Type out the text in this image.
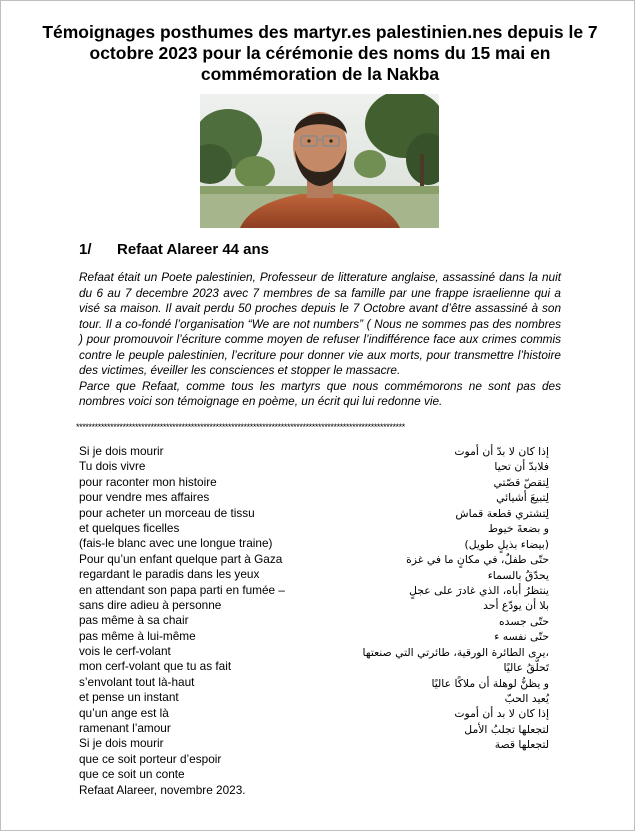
Témoignages posthumes des martyr.es palestinien.nes depuis le 7 octobre 2023 pour la cérémonie des noms du 15 mai en commémoration de la Nakba
1/ Refaat Alareer 44 ans

Refaat était un Poete palestinien, Professeur de litterature anglaise, assassiné dans la nuit du 6 au 7 decembre 2023 avec 7 membres de sa famille par une frappe israelienne qui a visé sa maison. Il avait perdu 50 proches depuis le 7 Octobre avant d’être assassiné à son tour. Il a co-fondé l’organisation “We are not numbers” ( Nous ne sommes pas des nombres ) pour promouvoir l’écriture comme moyen de refuser l’indifférence face aux crimes commis contre le peuple palestinien, l’ecriture pour donner vie aux morts, pour transmettre l’histoire des victimes, éveiller les consciences et stopper le massacre.

Parce que Refaat, comme tous les martyrs que nous commémorons ne sont pas des nombres voici son témoignage en poème, un écrit qui lui redonne vie.

**********************************************************************************************************
Si je dois mourir
Tu dois vivre
pour raconter mon histoire
pour vendre mes affaires
pour acheter un morceau de tissu
et quelques ficelles
(fais-le blanc avec une longue traine)
Pour qu’un enfant quelque part à Gaza
regardant le paradis dans les yeux
en attendant son papa parti en fumée –
sans dire adieu à personne
pas même à sa chair
pas même à lui-même
vois le cerf-volant
mon cerf-volant que tu as fait
s’envolant tout là-haut
et pense un instant
qu’un ange est là
ramenant l’amour
Si je dois mourir
que ce soit porteur d’espoir
que ce soit un conte
Refaat Alareer, novembre 2023.
إذا كان لا بدّ أن أموت
فلابدّ أن تحيا
لِتقصّ قصّتي
لِتبيعَ أشيائي
لِتشتري قطعة قماش
و بضعةَ خيوط
(بيضاء بذيلٍ طويل)
حتّى طفلٌ، في مكانٍ ما في غزة
يحدّقُ بالسماء
ينتظرُ أباه، الذي غادرَ على عجلٍ
بلا أن يودّع أحد
حتّى جسده
حتّى نفسه ء
،يرى الطائرة الورقية، طائرتي التي صنعتها
تَحلّقُ عاليًا
و يظنُّ لوهلة أن ملاكًا عاليًا
يُعيد الحبّ
إذا كان لا بد أن أموت
لتجعلها تجلبُ الأمل
لتجعلها قصة
